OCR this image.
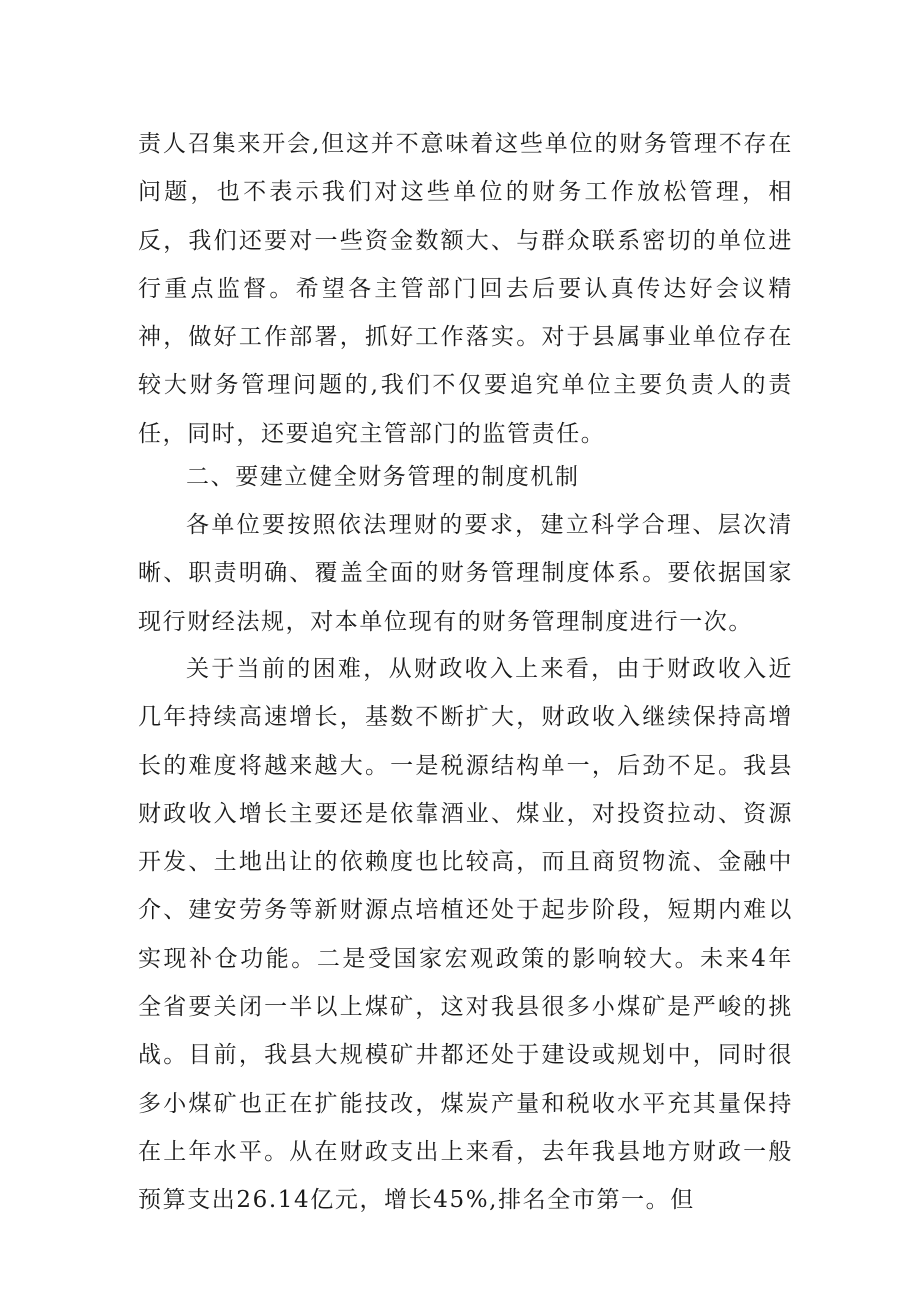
责人召集来开会,但这并不意味着这些单位的财务管理不存在问题，也不表示我们对这些单位的财务工作放松管理，相反，我们还要对一些资金数额大、与群众联系密切的单位进行重点监督。希望各主管部门回去后要认真传达好会议精神，做好工作部署，抓好工作落实。对于县属事业单位存在较大财务管理问题的,我们不仅要追究单位主要负责人的责任，同时，还要追究主管部门的监管责任。

二、要建立健全财务管理的制度机制

各单位要按照依法理财的要求，建立科学合理、层次清晰、职责明确、覆盖全面的财务管理制度体系。要依据国家现行财经法规，对本单位现有的财务管理制度进行一次。

关于当前的困难，从财政收入上来看，由于财政收入近几年持续高速增长，基数不断扩大，财政收入继续保持高增长的难度将越来越大。一是税源结构单一，后劲不足。我县财政收入增长主要还是依靠酒业、煤业，对投资拉动、资源开发、土地出让的依赖度也比较高，而且商贸物流、金融中介、建安劳务等新财源点培植还处于起步阶段，短期内难以实现补仓功能。二是受国家宏观政策的影响较大。未来4年全省要关闭一半以上煤矿，这对我县很多小煤矿是严峻的挑战。目前，我县大规模矿井都还处于建设或规划中，同时很多小煤矿也正在扩能技改，煤炭产量和税收水平充其量保持在上年水平。从在财政支出上来看，去年我县地方财政一般预算支出26.14亿元，增长45%,排名全市第一。但
